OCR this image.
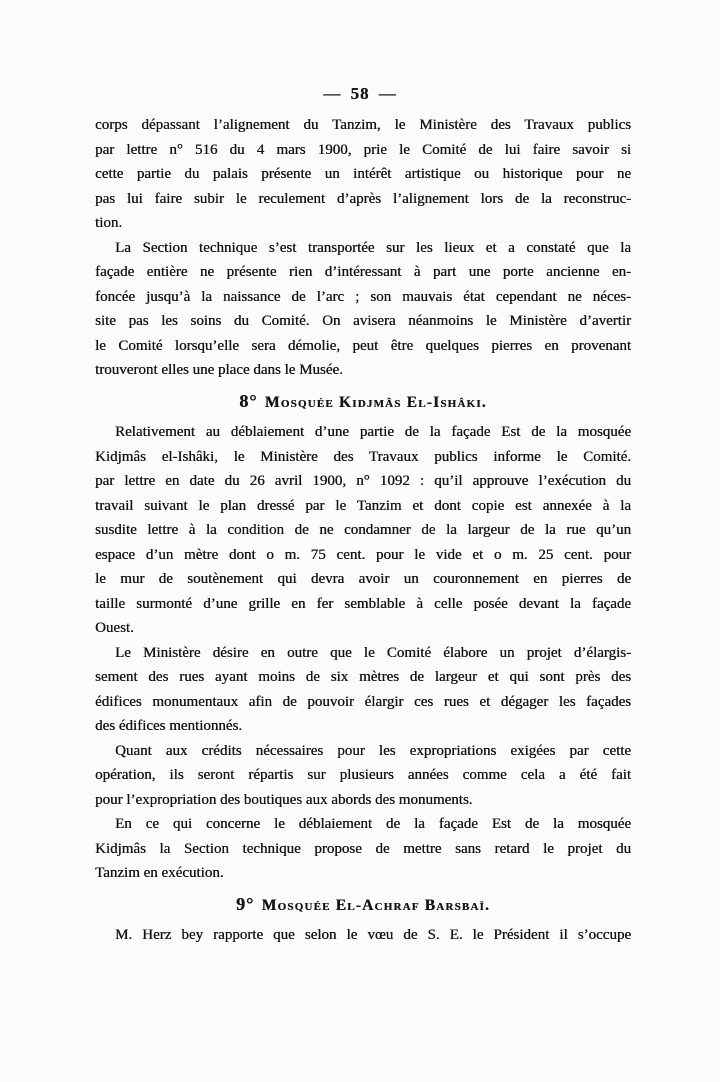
— 58 —
corps dépassant l’alignement du Tanzim, le Ministère des Travaux publics
par lettre n° 516 du 4 mars 1900, prie le Comité de lui faire savoir si
cette partie du palais présente un intérêt artistique ou historique pour ne
pas lui faire subir le reculement d’après l’alignement lors de la reconstruc-
tion.
La Section technique s’est transportée sur les lieux et a constaté que la
façade entière ne présente rien d’intéressant à part une porte ancienne en-
foncée jusqu’à la naissance de l’arc ; son mauvais état cependant ne néces-
site pas les soins du Comité. On avisera néanmoins le Ministère d’avertir
le Comité lorsqu’elle sera démolie, peut être quelques pierres en provenant
trouveront elles une place dans le Musée.
8°  Mosquée Kidjmâs El-Ishâki.
Relativement au déblaiement d’une partie de la façade Est de la mosquée
Kidjmâs el-Ishâki, le Ministère des Travaux publics informe le Comité.
par lettre en date du 26 avril 1900, n° 1092 : qu’il approuve l’exécution du
travail suivant le plan dressé par le Tanzim et dont copie est annexée à la
susdite lettre à la condition de ne condamner de la largeur de la rue qu’un
espace d’un mètre dont o m. 75 cent. pour le vide et o m. 25 cent. pour
le mur de soutènement qui devra avoir un couronnement en pierres de
taille surmonté d’une grille en fer semblable à celle posée devant la façade
Ouest.
Le Ministère désire en outre que le Comité élabore un projet d’élargis-
sement des rues ayant moins de six mètres de largeur et qui sont près des
édifices monumentaux afin de pouvoir élargir ces rues et dégager les façades
des édifices mentionnés.
Quant aux crédits nécessaires pour les expropriations exigées par cette
opération, ils seront répartis sur plusieurs années comme cela a été fait
pour l’expropriation des boutiques aux abords des monuments.
En ce qui concerne le déblaiement de la façade Est de la mosquée
Kidjmâs la Section technique propose de mettre sans retard le projet du
Tanzim en exécution.
9°  Mosquée El-Achraf Barsbaï.
M. Herz bey rapporte que selon le vœu de S. E. le Président il s’occupe
